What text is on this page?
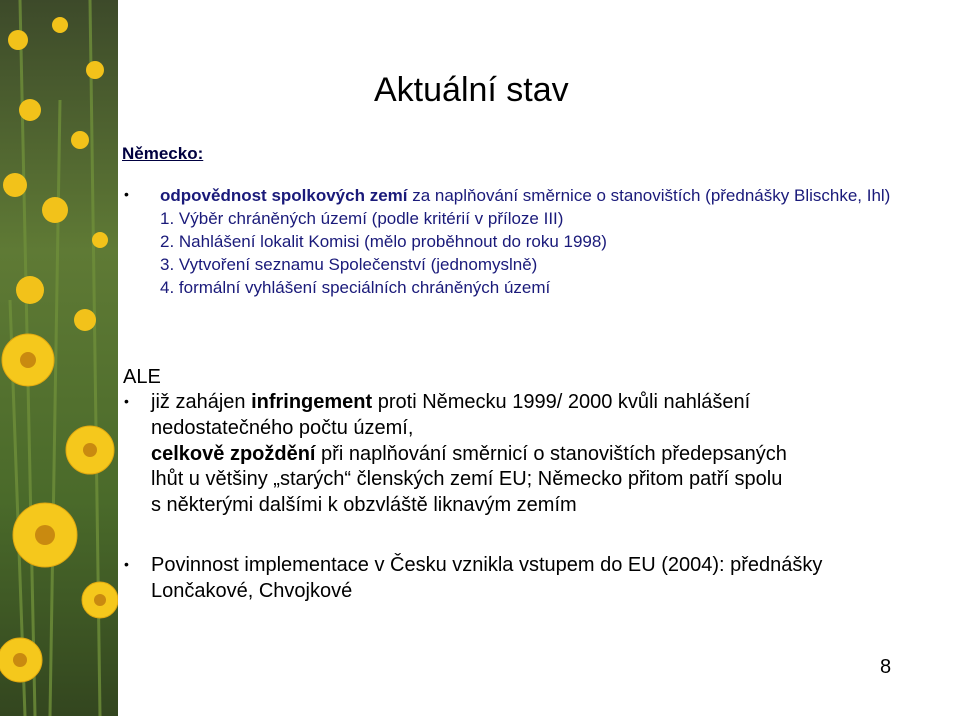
Aktuální stav
Německo:
• odpovědnost spolkových zemí za naplňování směrnice o stanovištích (přednášky Blischke, Ihl)
1. Výběr chráněných území (podle kritérií v příloze III)
2. Nahlášení lokalit Komisi (mělo proběhnout do roku 1998)
3. Vytvoření seznamu Společenství (jednomyslně)
4. formální vyhlášení speciálních chráněných území
ALE
• již zahájen infringement proti Německu 1999/ 2000 kvůli nahlášení
nedostatečného počtu území,
celkově zpoždění při naplňování směrnicí o stanovištích předepsaných
lhůt u většiny „starých“ členských zemí EU; Německo přitom patří spolu
s některými dalšími k obzvláště liknavým zemím
• Povinnost implementace v Česku vznikla vstupem do EU (2004): přednášky
Lončakové, Chvojkové
8
